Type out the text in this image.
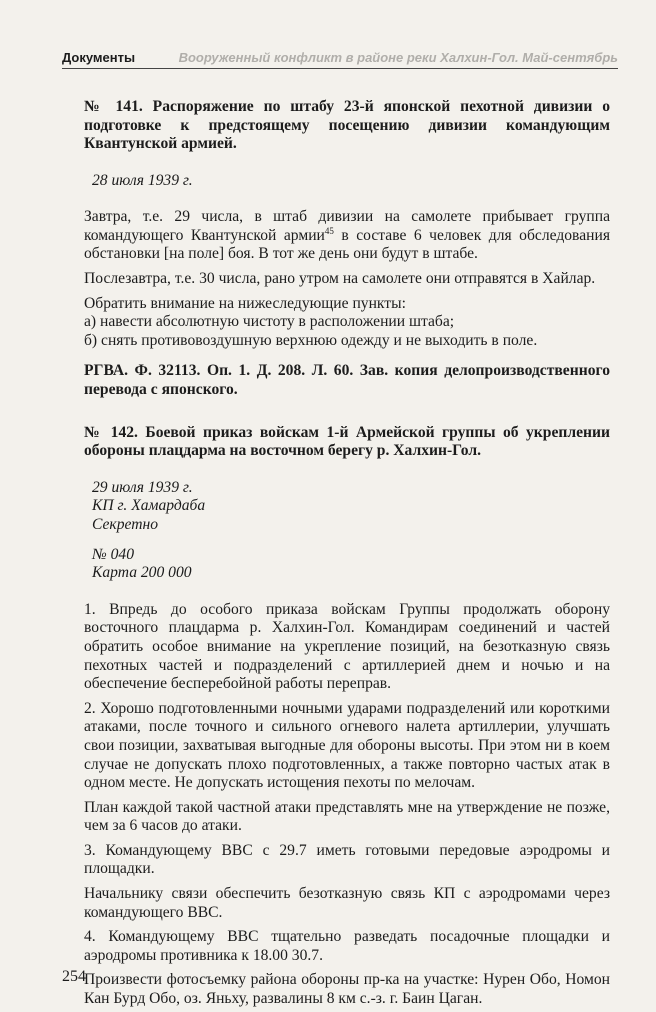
Документы	Вооруженный конфликт в районе реки Халхин-Гол. Май-сентябрь

№ 141. Распоряжение по штабу 23-й японской пехотной дивизии о подготовке к предстоящему посещению дивизии командующим Квантунской армией.

28 июля 1939 г.

Завтра, т.е. 29 числа, в штаб дивизии на самолете прибывает группа командующего Квантунской армии$^{45}$ в составе 6 человек для обследования обстановки [на поле] боя. В тот же день они будут в штабе.

Послезавтра, т.е. 30 числа, рано утром на самолете они отправятся в Хайлар.

Обратить внимание на нижеследующие пункты:

а) навести абсолютную чистоту в расположении штаба;

б) снять противовоздушную верхнюю одежду и не выходить в поле.

РГВА. Ф. 32113. Оп. 1. Д. 208. Л. 60. Зав. копия делопроизводственного перевода с японского.

№ 142. Боевой приказ войскам 1-й Армейской группы об укреплении обороны плацдарма на восточном берегу р. Халхин-Гол.

29 июля 1939 г.
КП г. Хамардаба
Секретно
№ 040
Карта 200 000

1. Впредь до особого приказа войскам Группы продолжать оборону восточного плацдарма р. Халхин-Гол. Командирам соединений и частей обратить особое внимание на укрепление позиций, на безотказную связь пехотных частей и подразделений с артиллерией днем и ночью и на обеспечение бесперебойной работы переправ.

2. Хорошо подготовленными ночными ударами подразделений или короткими атаками, после точного и сильного огневого налета артиллерии, улучшать свои позиции, захватывая выгодные для обороны высоты. При этом ни в коем случае не допускать плохо подготовленных, а также повторно частых атак в одном месте. Не допускать истощения пехоты по мелочам.

План каждой такой частной атаки представлять мне на утверждение не позже, чем за 6 часов до атаки.

3. Командующему ВВС с 29.7 иметь готовыми передовые аэродромы и площадки.

Начальнику связи обеспечить безотказную связь КП с аэродромами через командующего ВВС.

4. Командующему ВВС тщательно разведать посадочные площадки и аэродромы противника к 18.00 30.7.

Произвести фотосъемку района обороны пр-ка на участке: Нурен Обо, Номон Кан Бурд Обо, оз. Яньху, развалины 8 км с.-з. г. Баин Цаган.

254
